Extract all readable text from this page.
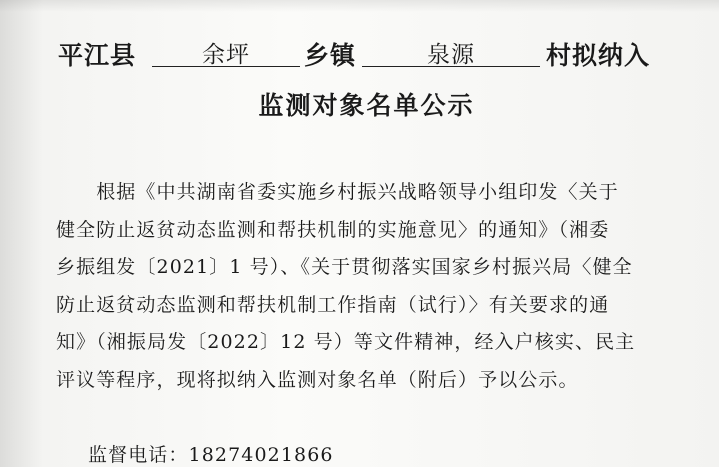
平江县	余坪	乡镇	泉源	村拟纳入
监测对象名单公示
　　根据《中共湖南省委实施乡村振兴战略领导小组印发〈关于
健全防止返贫动态监测和帮扶机制的实施意见〉的通知》（湘委
乡振组发〔2021〕1 号）、《关于贯彻落实国家乡村振兴局〈健全
防止返贫动态监测和帮扶机制工作指南（试行）〉有关要求的通
知》（湘振局发〔2022〕12 号）等文件精神，经入户核实、民主
评议等程序，现将拟纳入监测对象名单（附后）予以公示。
监督电话：18274021866
